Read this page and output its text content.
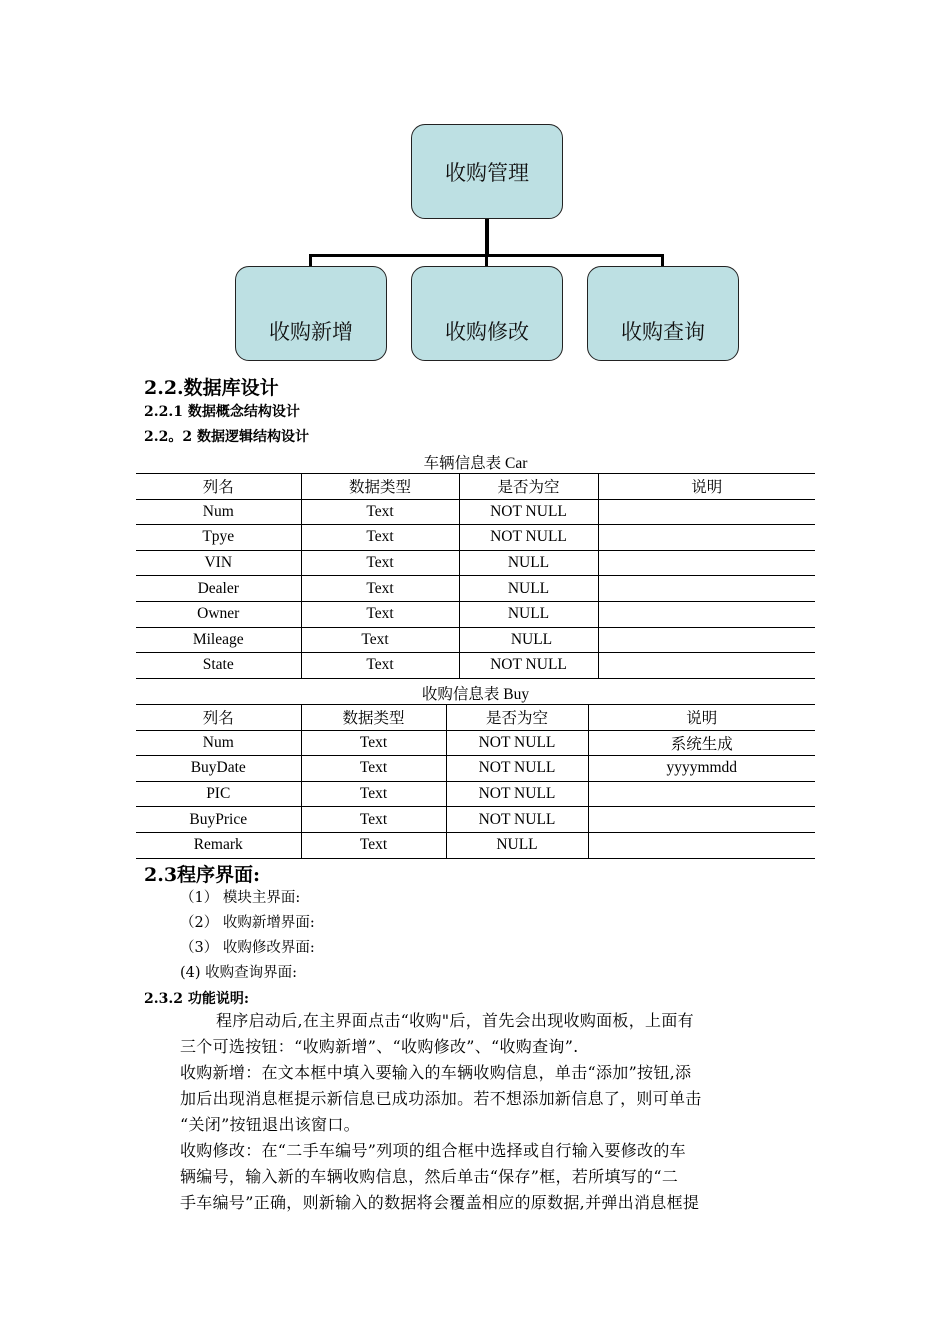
收购管理
收购新增	收购修改	收购查询
2.2.数据库设计
2.2.1 数据概念结构设计
2.2。2 数据逻辑结构设计
车辆信息表 Car
列名	数据类型	是否为空	说明
Num	Text	NOT NULL	
Tpye	Text	NOT NULL	
VIN	Text	NULL	
Dealer	Text	NULL	
Owner	Text	NULL	
Mileage	Text	NULL	
State	Text	NOT NULL	
收购信息表 Buy
列名	数据类型	是否为空	说明
Num	Text	NOT NULL	系统生成
BuyDate	Text	NOT NULL	yyyymmdd
PIC	Text	NOT NULL	
BuyPrice	Text	NOT NULL	
Remark	Text	NULL	
2.3程序界面:
（1） 模块主界面:
（2） 收购新增界面:
（3） 收购修改界面:
(4) 收购查询界面:
2.3.2 功能说明:
程序启动后,在主界面点击“收购"后，首先会出现收购面板，上面有
三个可选按钮：“收购新增”、“收购修改”、“收购查询”.
收购新增：在文本框中填入要输入的车辆收购信息，单击“添加”按钮,添
加后出现消息框提示新信息已成功添加。若不想添加新信息了，则可单击
“关闭”按钮退出该窗口。
收购修改：在“二手车编号”列项的组合框中选择或自行输入要修改的车
辆编号，输入新的车辆收购信息，然后单击“保存”框，若所填写的“二
手车编号”正确，则新输入的数据将会覆盖相应的原数据,并弹出消息框提
